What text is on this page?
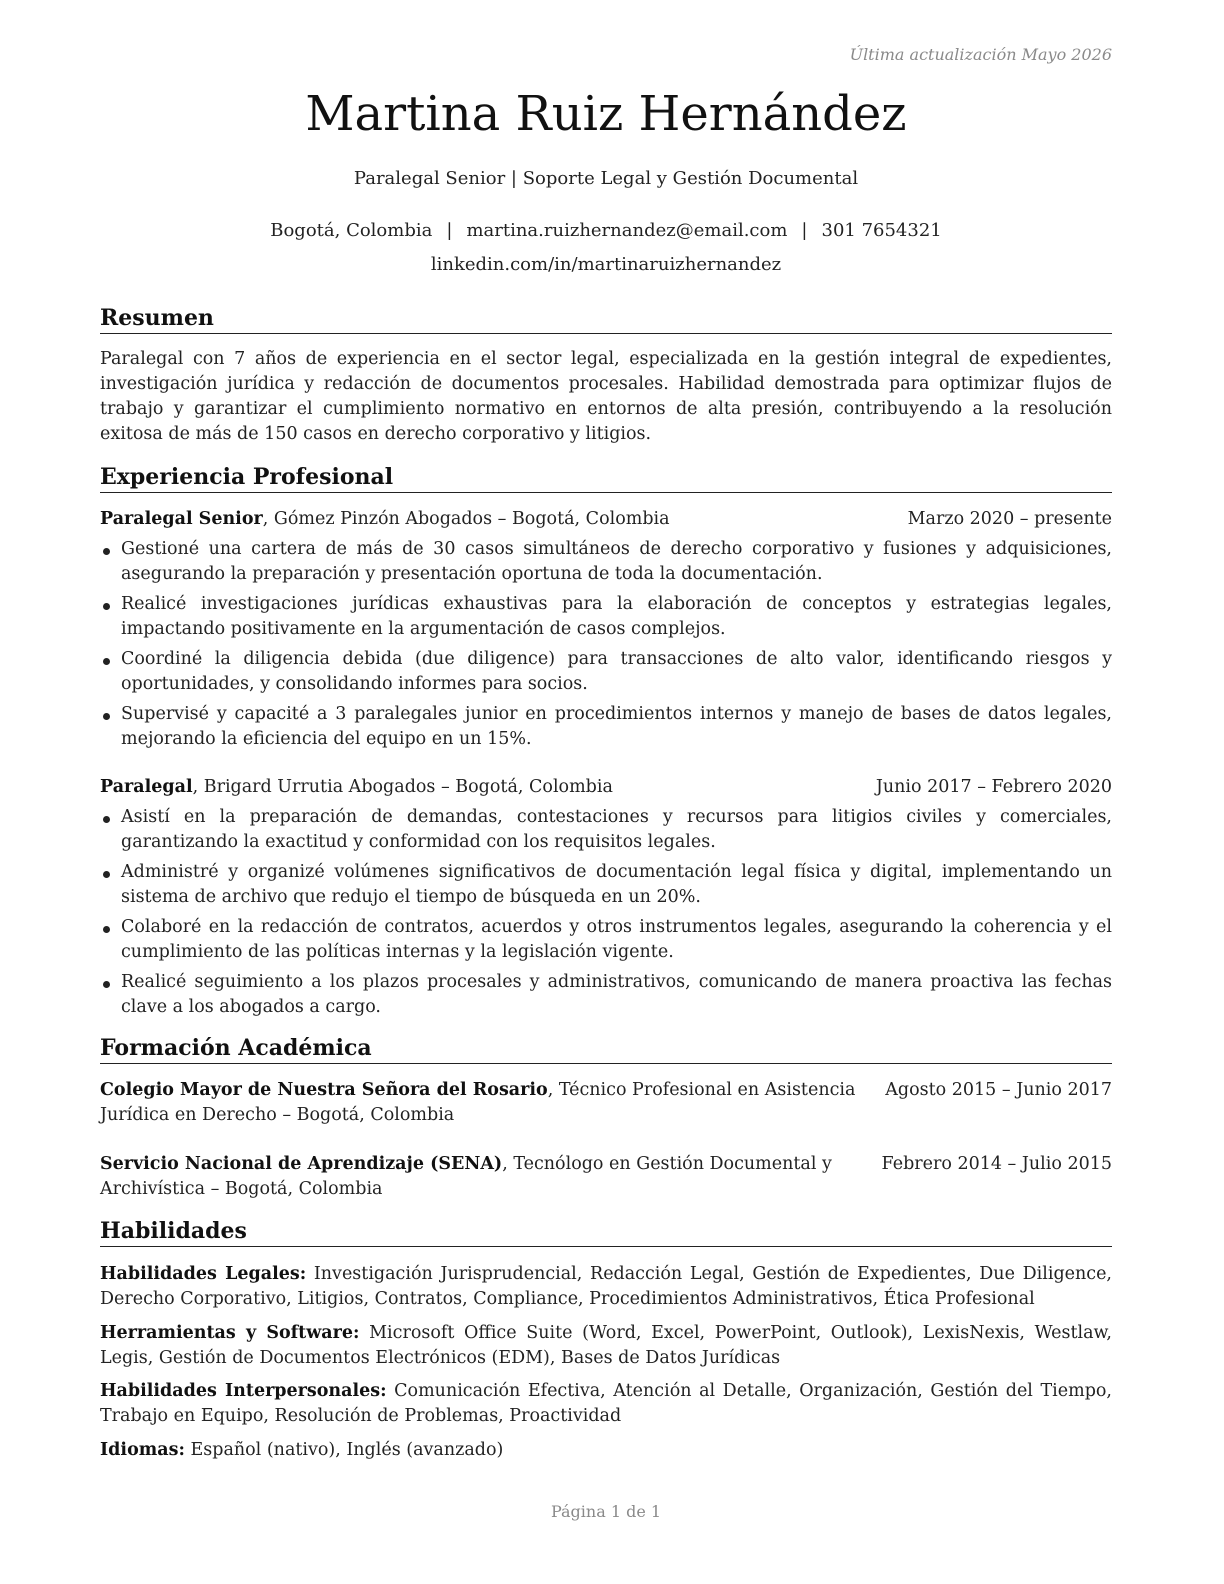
Última actualización Mayo 2026
Martina Ruiz Hernández
Paralegal Senior | Soporte Legal y Gestión Documental
Bogotá, Colombia | martina.ruizhernandez@email.com | 301 7654321
linkedin.com/in/martinaruizhernandez
Resumen
Paralegal con 7 años de experiencia en el sector legal, especializada en la gestión integral de expedientes, investigación jurídica y redacción de documentos procesales. Habilidad demostrada para optimizar flujos de trabajo y garantizar el cumplimiento normativo en entornos de alta presión, contribuyendo a la resolución exitosa de más de 150 casos en derecho corporativo y litigios.
Experiencia Profesional
Paralegal Senior, Gómez Pinzón Abogados – Bogotá, Colombia	Marzo 2020 – presente
Gestioné una cartera de más de 30 casos simultáneos de derecho corporativo y fusiones y adquisiciones, asegurando la preparación y presentación oportuna de toda la documentación.
Realicé investigaciones jurídicas exhaustivas para la elaboración de conceptos y estrategias legales, impactando positivamente en la argumentación de casos complejos.
Coordiné la diligencia debida (due diligence) para transacciones de alto valor, identificando riesgos y oportunidades, y consolidando informes para socios.
Supervisé y capacité a 3 paralegales junior en procedimientos internos y manejo de bases de datos legales, mejorando la eficiencia del equipo en un 15%.
Paralegal, Brigard Urrutia Abogados – Bogotá, Colombia	Junio 2017 – Febrero 2020
Asistí en la preparación de demandas, contestaciones y recursos para litigios civiles y comerciales, garantizando la exactitud y conformidad con los requisitos legales.
Administré y organizé volúmenes significativos de documentación legal física y digital, implementando un sistema de archivo que redujo el tiempo de búsqueda en un 20%.
Colaboré en la redacción de contratos, acuerdos y otros instrumentos legales, asegurando la coherencia y el cumplimiento de las políticas internas y la legislación vigente.
Realicé seguimiento a los plazos procesales y administrativos, comunicando de manera proactiva las fechas clave a los abogados a cargo.
Formación Académica
Colegio Mayor de Nuestra Señora del Rosario, Técnico Profesional en Asistencia Jurídica en Derecho – Bogotá, Colombia
Agosto 2015 – Junio 2017
Servicio Nacional de Aprendizaje (SENA), Tecnólogo en Gestión Documental y Archivística – Bogotá, Colombia
Febrero 2014 – Julio 2015
Habilidades
Habilidades Legales: Investigación Jurisprudencial, Redacción Legal, Gestión de Expedientes, Due Diligence, Derecho Corporativo, Litigios, Contratos, Compliance, Procedimientos Administrativos, Ética Profesional
Herramientas y Software: Microsoft Office Suite (Word, Excel, PowerPoint, Outlook), LexisNexis, Westlaw, Legis, Gestión de Documentos Electrónicos (EDM), Bases de Datos Jurídicas
Habilidades Interpersonales: Comunicación Efectiva, Atención al Detalle, Organización, Gestión del Tiempo, Trabajo en Equipo, Resolución de Problemas, Proactividad
Idiomas: Español (nativo), Inglés (avanzado)
Página 1 de 1
